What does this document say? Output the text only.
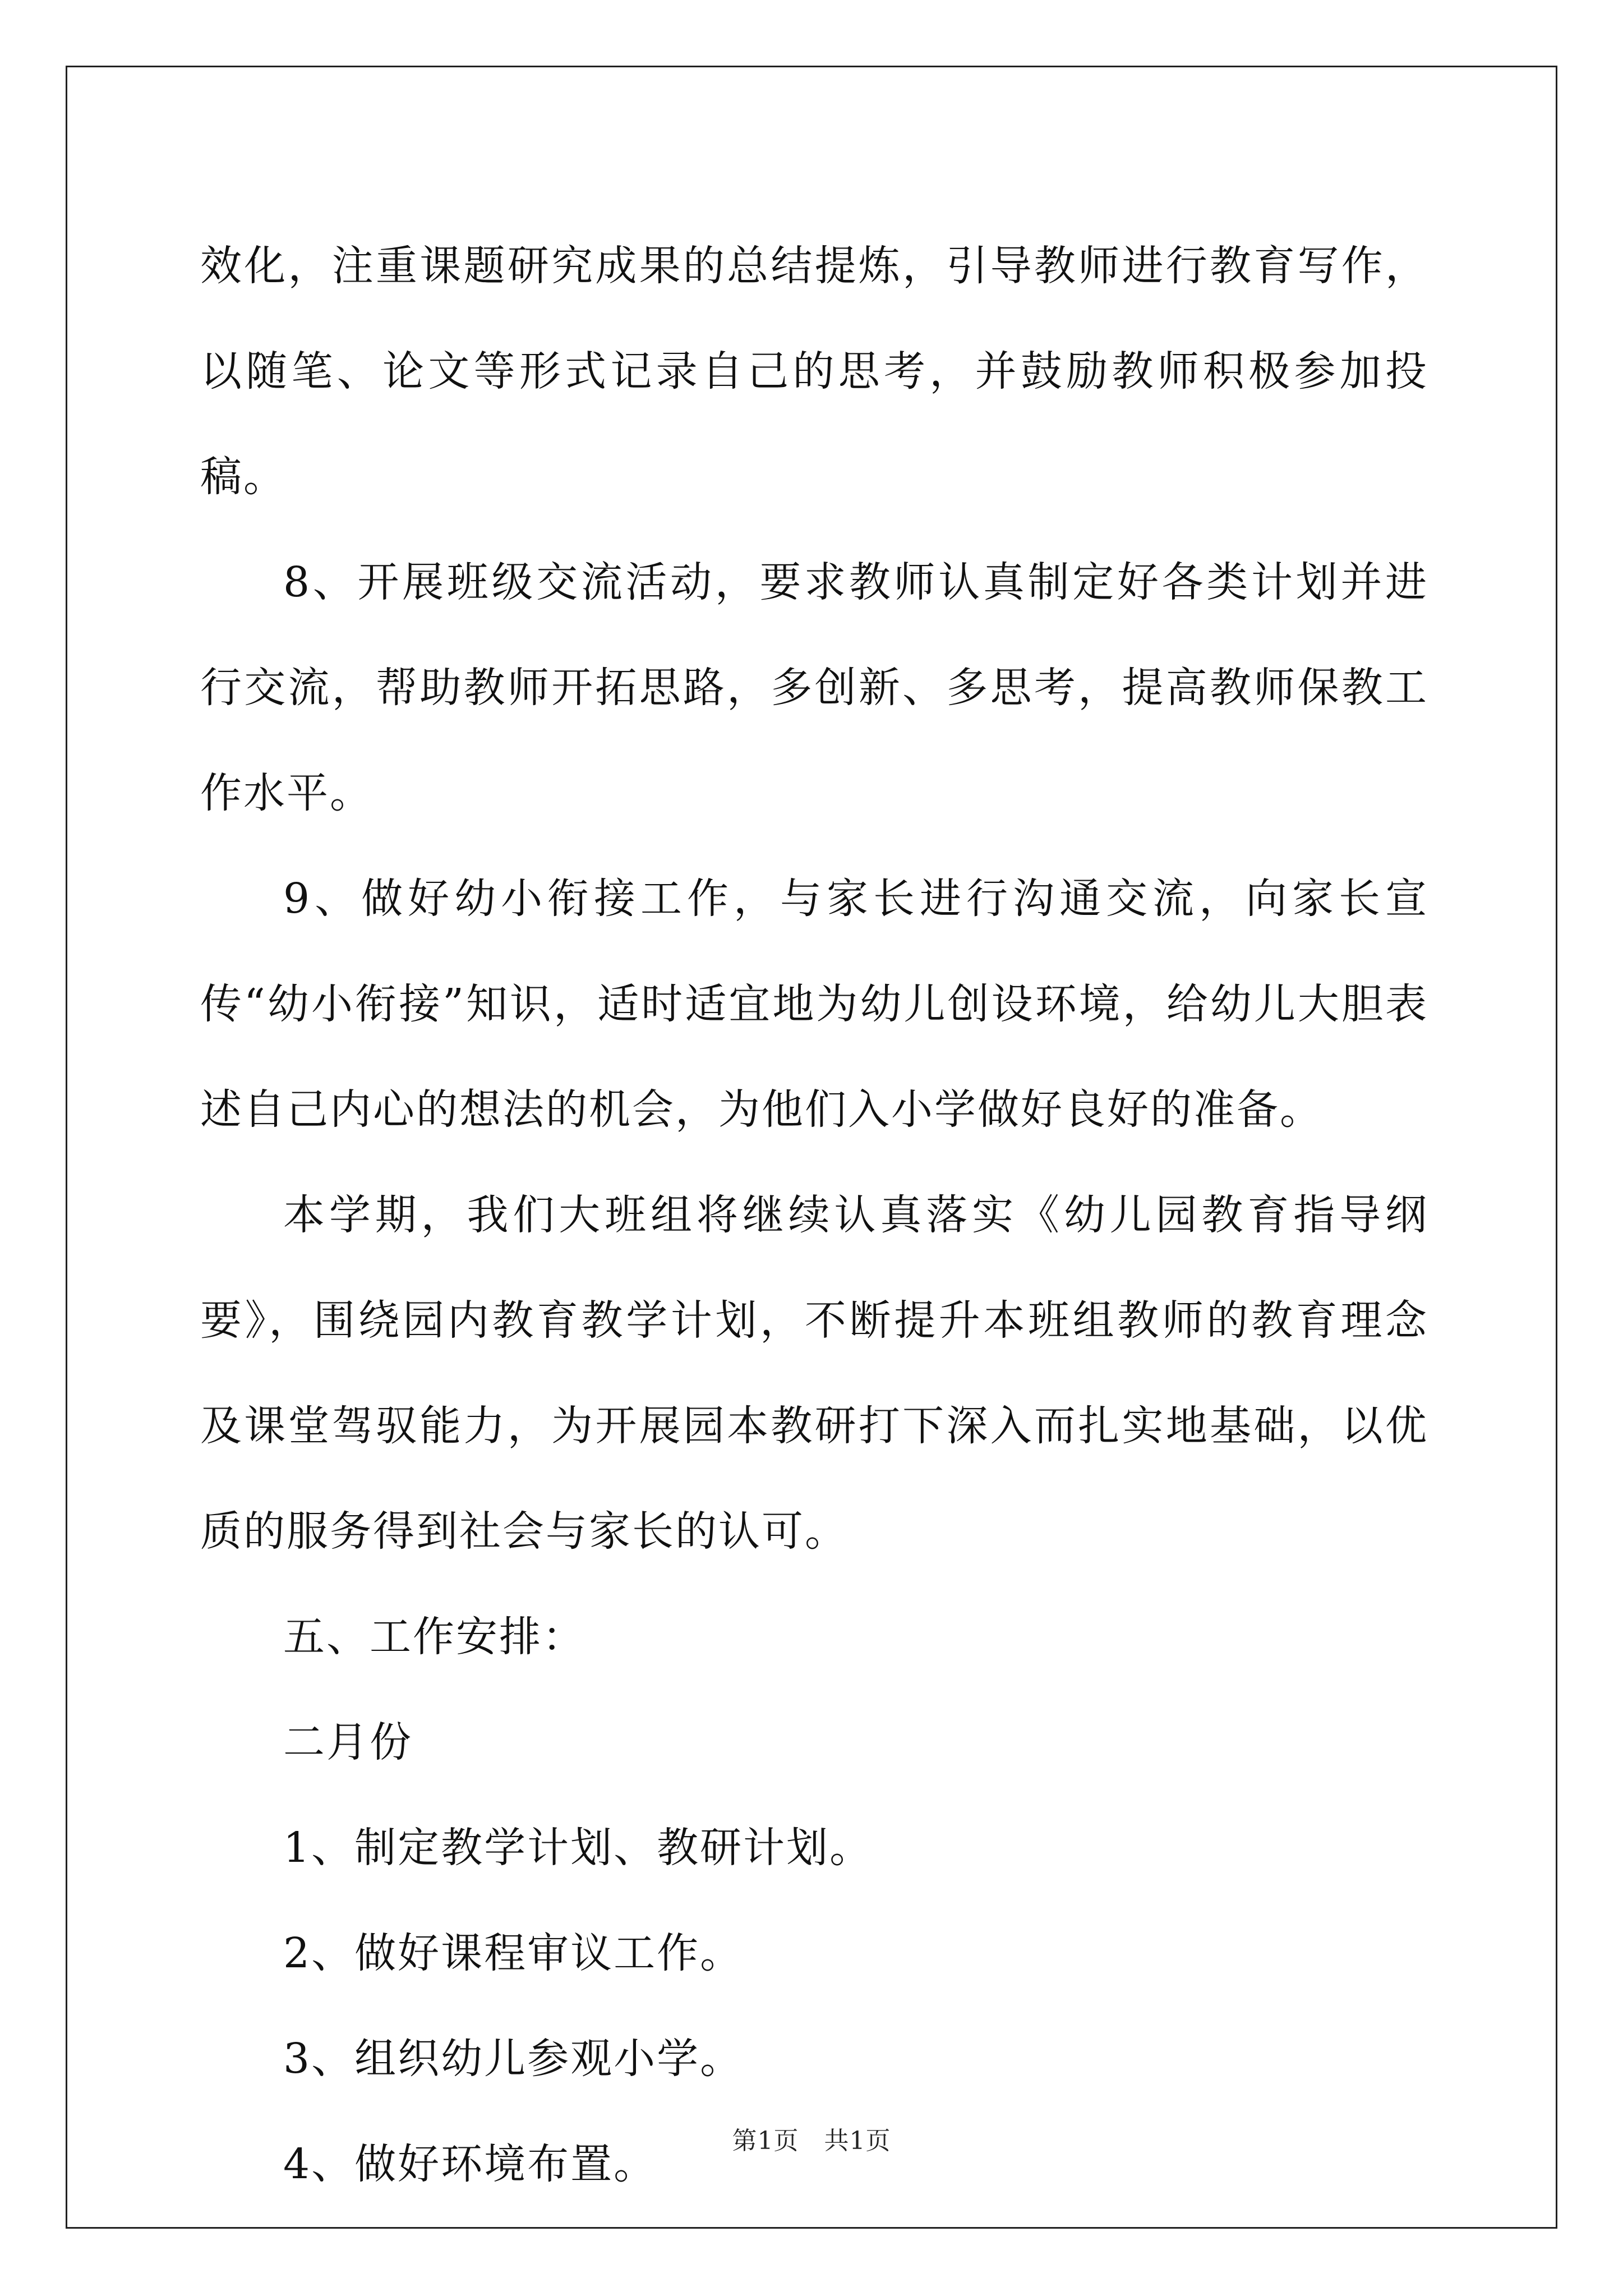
效化，注重课题研究成果的总结提炼，引导教师进行教育写作，以随笔、论文等形式记录自己的思考，并鼓励教师积极参加投稿。

8、开展班级交流活动，要求教师认真制定好各类计划并进行交流，帮助教师开拓思路，多创新、多思考，提高教师保教工作水平。

9、做好幼小衔接工作，与家长进行沟通交流，向家长宣传“幼小衔接”知识，适时适宜地为幼儿创设环境，给幼儿大胆表述自己内心的想法的机会，为他们入小学做好良好的准备。

本学期，我们大班组将继续认真落实《幼儿园教育指导纲要》，围绕园内教育教学计划，不断提升本班组教师的教育理念及课堂驾驭能力，为开展园本教研打下深入而扎实地基础，以优质的服务得到社会与家长的认可。

五、工作安排：

二月份

1、制定教学计划、教研计划。

2、做好课程审议工作。

3、组织幼儿参观小学。

4、做好环境布置。	第1页   共1页
